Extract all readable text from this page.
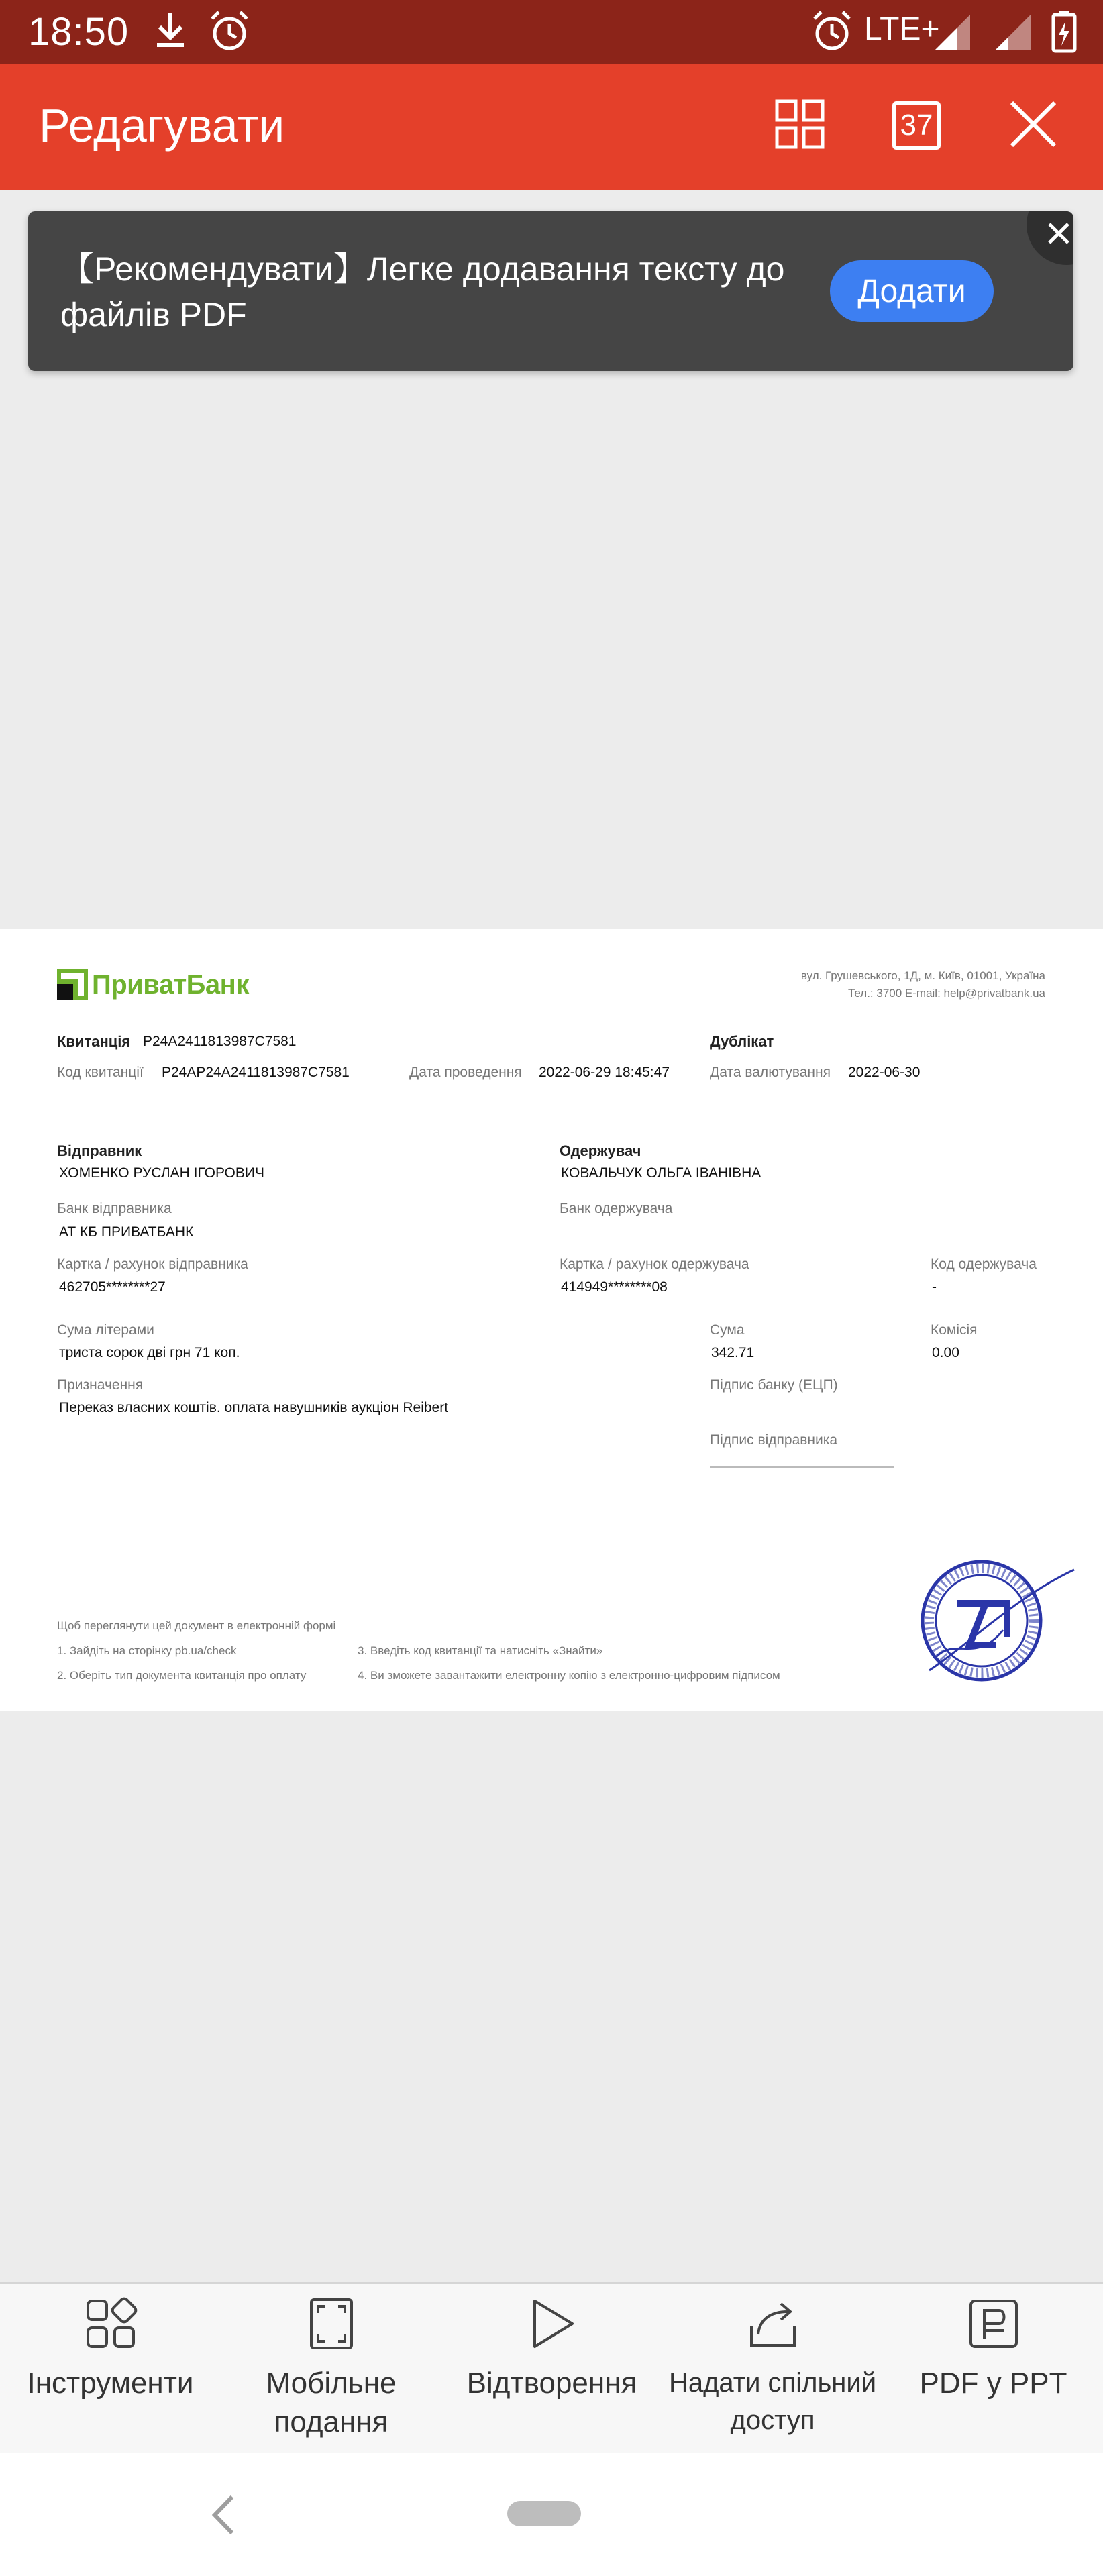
18:50	LTE+
Редагувати	37
【Рекомендувати】Легке додавання тексту до файлів PDF
Додати
ПриватБанк	вул. Грушевського, 1Д, м. Київ, 01001, Україна
Тел.: 3700 E-mail: help@privatbank.ua
Квитанція P24A2411813987C7581	Дублікат
Код квитанції P24AP24A2411813987C7581	Дата проведення 2022-06-29 18:45:47	Дата валютування 2022-06-30
Відправник
ХОМЕНКО РУСЛАН ІГОРОВИЧ
Одержувач
КОВАЛЬЧУК ОЛЬГА ІВАНІВНА
Банк відправника
АТ КБ ПРИВАТБАНК
Банк одержувача
Картка / рахунок відправника
462705********27
Картка / рахунок одержувача
414949********08
Код одержувача
-
Сума літерами
триста сорок дві грн 71 коп.
Сума
342.71
Комісія
0.00
Призначення
Переказ власних коштів. оплата навушників аукціон Reibert
Підпис банку (ЕЦП)
Підпис відправника
Щоб переглянути цей документ в електронній формі
1. Зайдіть на сторінку pb.ua/check
2. Оберіть тип документа квитанція про оплату
3. Введіть код квитанції та натисніть «Знайти»
4. Ви зможете завантажити електронну копію з електронно-цифровим підписом
Інструменти	Мобільне подання
Відтворення	Надати спільний доступ
PDF у PPT
